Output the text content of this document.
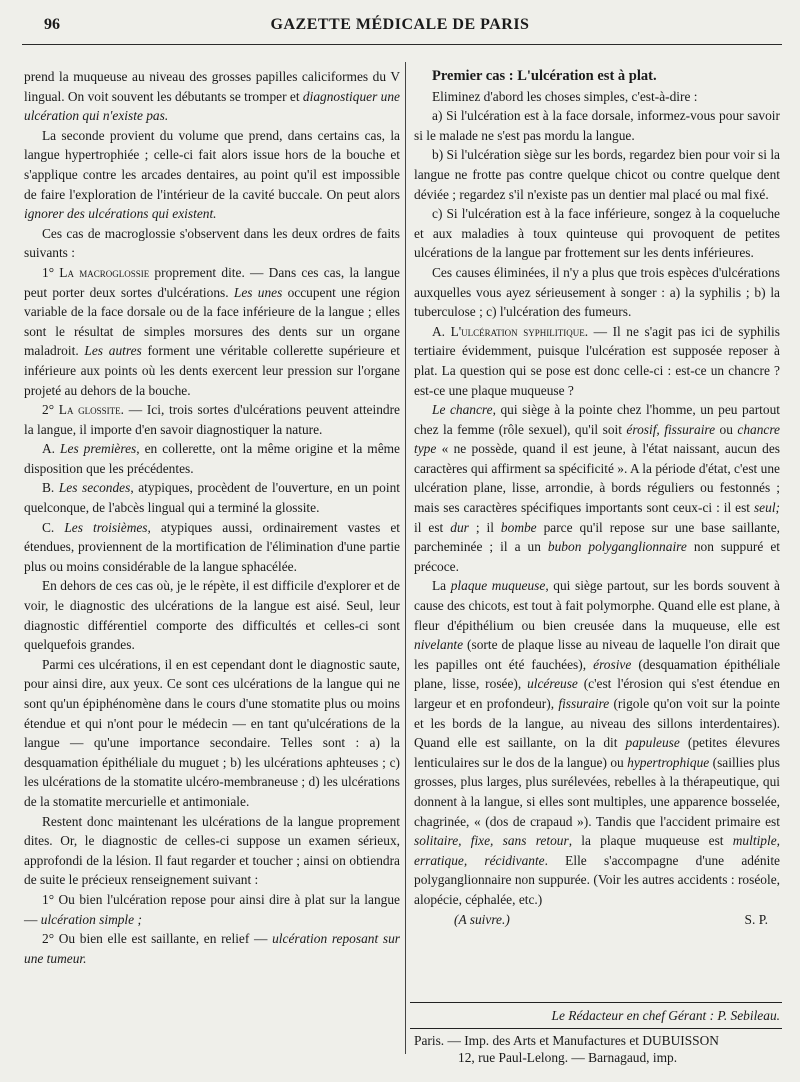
96	GAZETTE MÉDICALE DE PARIS

prend la muqueuse au niveau des grosses papilles caliciformes du V lingual. On voit souvent les débutants se tromper et diagnostiquer une ulcération qui n'existe pas.

La seconde provient du volume que prend, dans certains cas, la langue hypertrophiée ; celle-ci fait alors issue hors de la bouche et s'applique contre les arcades dentaires, au point qu'il est impossible de faire l'exploration de l'intérieur de la cavité buccale. On peut alors ignorer des ulcérations qui existent.

Ces cas de macroglossie s'observent dans les deux ordres de faits suivants :

1° La macroglossie proprement dite. — Dans ces cas, la langue peut porter deux sortes d'ulcérations. Les unes occupent une région variable de la face dorsale ou de la face inférieure de la langue ; elles sont le résultat de simples morsures des dents sur un organe maladroit. Les autres forment une véritable collerette supérieure et inférieure aux points où les dents exercent leur pression sur l'organe projeté au dehors de la bouche.

2° La glossite. — Ici, trois sortes d'ulcérations peuvent atteindre la langue, il importe d'en savoir diagnostiquer la nature.

A. Les premières, en collerette, ont la même origine et la même disposition que les précédentes.

B. Les secondes, atypiques, procèdent de l'ouverture, en un point quelconque, de l'abcès lingual qui a terminé la glossite.

C. Les troisièmes, atypiques aussi, ordinairement vastes et étendues, proviennent de la mortification de l'élimination d'une partie plus ou moins considérable de la langue sphacélée.

En dehors de ces cas où, je le répète, il est difficile d'explorer et de voir, le diagnostic des ulcérations de la langue est aisé. Seul, leur diagnostic différentiel comporte des difficultés et celles-ci sont quelquefois grandes.

Parmi ces ulcérations, il en est cependant dont le diagnostic saute, pour ainsi dire, aux yeux. Ce sont ces ulcérations de la langue qui ne sont qu'un épiphénomène dans le cours d'une stomatite plus ou moins étendue et qui n'ont pour le médecin — en tant qu'ulcérations de la langue — qu'une importance secondaire. Telles sont : a) la desquamation épithéliale du muguet ; b) les ulcérations aphteuses ; c) les ulcérations de la stomatite ulcéro-membraneuse ; d) les ulcérations de la stomatite mercurielle et antimoniale.

Restent donc maintenant les ulcérations de la langue proprement dites. Or, le diagnostic de celles-ci suppose un examen sérieux, approfondi de la lésion. Il faut regarder et toucher ; ainsi on obtiendra de suite le précieux renseignement suivant :

1° Ou bien l'ulcération repose pour ainsi dire à plat sur la langue — ulcération simple ;

2° Ou bien elle est saillante, en relief — ulcération reposant sur une tumeur.

Premier cas : L'ulcération est à plat.

Eliminez d'abord les choses simples, c'est-à-dire :

a) Si l'ulcération est à la face dorsale, informez-vous pour savoir si le malade ne s'est pas mordu la langue.

b) Si l'ulcération siège sur les bords, regardez bien pour voir si la langue ne frotte pas contre quelque chicot ou contre quelque dent déviée ; regardez s'il n'existe pas un dentier mal placé ou mal fixé.

c) Si l'ulcération est à la face inférieure, songez à la coqueluche et aux maladies à toux quinteuse qui provoquent de petites ulcérations de la langue par frottement sur les dents inférieures.

Ces causes éliminées, il n'y a plus que trois espèces d'ulcérations auxquelles vous ayez sérieusement à songer : a) la syphilis ; b) la tuberculose ; c) l'ulcération des fumeurs.

A. L'ulcération syphilitique. — Il ne s'agit pas ici de syphilis tertiaire évidemment, puisque l'ulcération est supposée reposer à plat. La question qui se pose est donc celle-ci : est-ce un chancre ? est-ce une plaque muqueuse ?

Le chancre, qui siège à la pointe chez l'homme, un peu partout chez la femme (rôle sexuel), qu'il soit érosif, fissuraire ou chancre type « ne possède, quand il est jeune, à l'état naissant, aucun des caractères qui affirment sa spécificité ». A la période d'état, c'est une ulcération plane, lisse, arrondie, à bords réguliers ou festonnés ; mais ses caractères spécifiques importants sont ceux-ci : il est seul; il est dur ; il bombe parce qu'il repose sur une base saillante, parcheminée ; il a un bubon polyganglionnaire non suppuré et précoce.

La plaque muqueuse, qui siège partout, sur les bords souvent à cause des chicots, est tout à fait polymorphe. Quand elle est plane, à fleur d'épithélium ou bien creusée dans la muqueuse, elle est nivelante (sorte de plaque lisse au niveau de laquelle l'on dirait que les papilles ont été fauchées), érosive (desquamation épithéliale plane, lisse, rosée), ulcéreuse (c'est l'érosion qui s'est étendue en largeur et en profondeur), fissuraire (rigole qu'on voit sur la pointe et les bords de la langue, au niveau des sillons interdentaires). Quand elle est saillante, on la dit papuleuse (petites élevures lenticulaires sur le dos de la langue) ou hypertrophique (saillies plus grosses, plus larges, plus surélevées, rebelles à la thérapeutique, qui donnent à la langue, si elles sont multiples, une apparence bosselée, chagrinée, « (dos de crapaud »). Tandis que l'accident primaire est solitaire, fixe, sans retour, la plaque muqueuse est multiple, erratique, récidivante. Elle s'accompagne d'une adénite polyganglionnaire non suppurée. (Voir les autres accidents : roséole, alopécie, céphalée, etc.)

(A suivre.)	S. P.
Le Rédacteur en chef Gérant : P. Sebileau.
Paris. — Imp. des Arts et Manufactures et DUBUISSON
12, rue Paul-Lelong. — Barnagaud, imp.
